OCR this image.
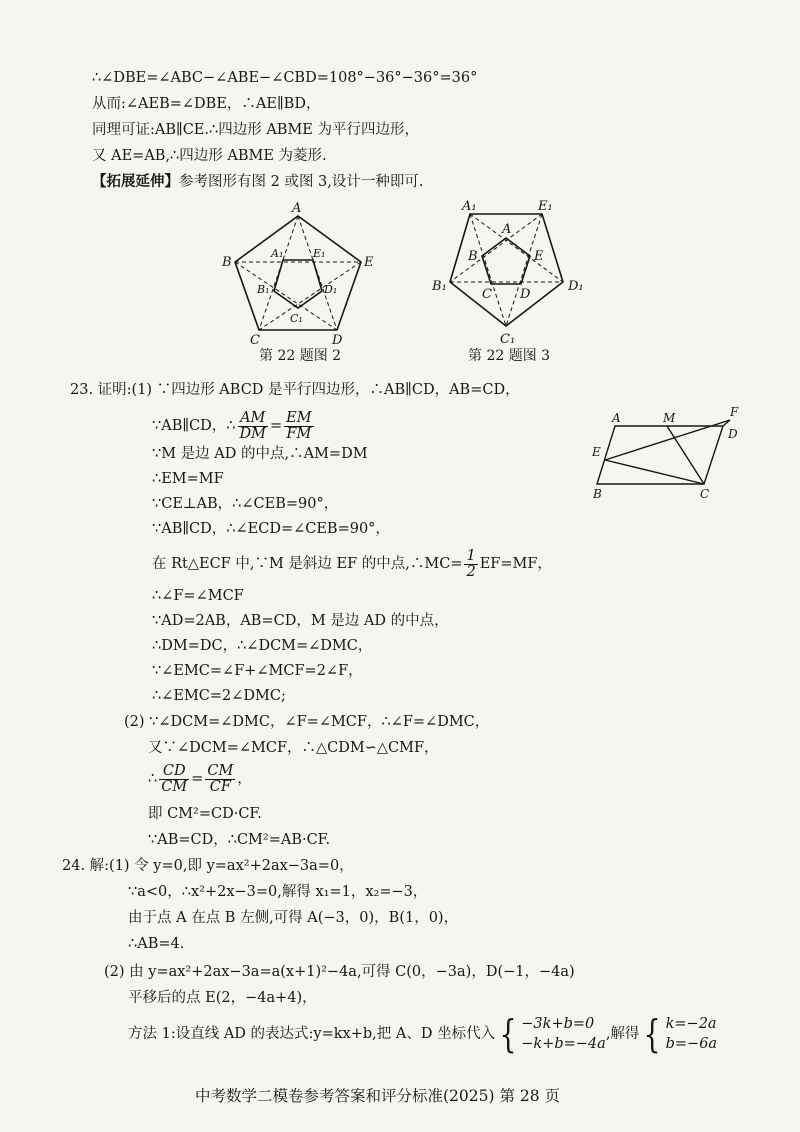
∴∠DBE=∠ABC−∠ABE−∠CBD=108°−36°−36°=36°
从而:∠AEB=∠DBE，∴AE∥BD，
同理可证:AB∥CE.∴四边形 ABME 为平行四边形，
又 AE=AB,∴四边形 ABME 为菱形.
【拓展延伸】参考图形有图 2 或图 3,设计一种即可.
A
B	E
C	D
A₁	E₁
B₁	D₁
C₁
第 22 题图 2
A₁	E₁
A
B	E
B₁
C D
D₁
C₁
第 22 题图 3
23. 证明:(1) ∵四边形 ABCD 是平行四边形，∴AB∥CD，AB=CD，
∵AB∥CD，∴ $\frac{AM}{DM} = \frac{EM}{FM}$
∵M 是边 AD 的中点,∴AM=DM
∴EM=MF
∵CE⊥AB，∴∠CEB=90°，
∵AB∥CD，∴∠ECD=∠CEB=90°，
在 Rt△ECF 中,∵M 是斜边 EF 的中点,∴MC= $\frac{1}{2} EF=MF$，
∴∠F=∠MCF
∵AD=2AB，AB=CD，M 是边 AD 的中点，
∴DM=DC，∴∠DCM=∠DMC，
∵∠EMC=∠F+∠MCF=2∠F，
∴∠EMC=2∠DMC;
(2) ∵∠DCM=∠DMC，∠F=∠MCF，∴∠F=∠DMC，
又∵∠DCM=∠MCF，∴△CDM∽△CMF，
∴ $\frac{CD}{CM} = \frac{CM}{CF}$ ，
即 CM²=CD·CF.
∵AB=CD，∴CM²=AB·CF.
A	M	F
D
E
B	C
24. 解:(1) 令 y=0,即 y=ax²+2ax−3a=0，
∵a<0，∴x²+2x−3=0,解得 x₁=1，x₂=−3，
由于点 A 在点 B 左侧,可得 A(−3，0)，B(1，0)，
∴AB=4.
(2) 由 y=ax²+2ax−3a=a(x+1)²−4a,可得 C(0，−3a)，D(−1，−4a)
平移后的点 E(2，−4a+4)，
方法 1:设直线 AD 的表达式:y=kx+b,把 A、D 坐标代入 { −3k+b=0
−k+b=−4a
,解得 { k=−2a
b=−6a
中考数学二模卷参考答案和评分标准(2025) 第 28 页
